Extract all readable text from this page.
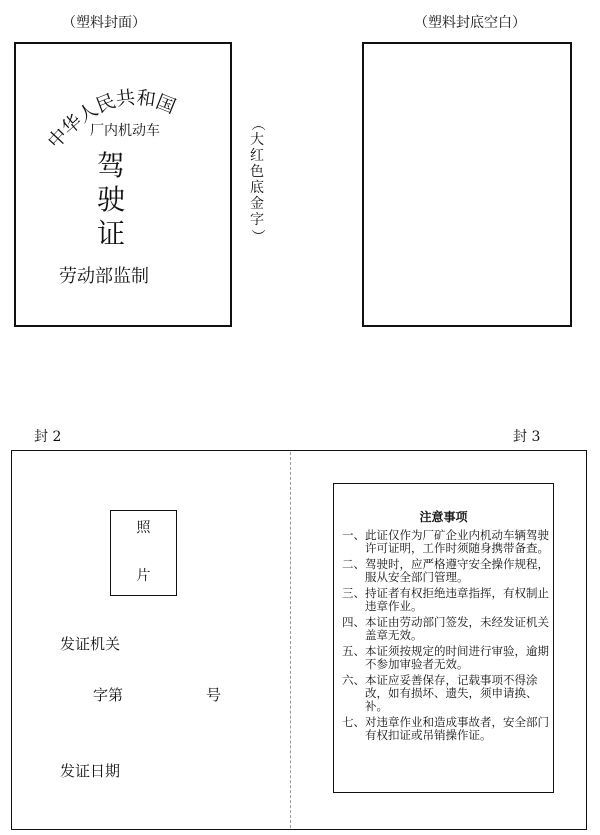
（塑料封面）	（塑料封底空白）
中华人民共和国
厂内机动车
驾
驶
证
劳动部监制
（
大
红
色
底
金
字
）
封 2	封 3
照
片
发证机关
字第	号
发证日期
注意事项
一、 此证仅作为厂矿企业内机动车辆驾驶许可证明，工作时须随身携带备查。
二、 驾驶时，应严格遵守安全操作规程，服从安全部门管理。
三、 持证者有权拒绝违章指挥，有权制止违章作业。
四、 本证由劳动部门签发，未经发证机关盖章无效。
五、 本证须按规定的时间进行审验，逾期不参加审验者无效。
六、 本证应妥善保存，记载事项不得涂改，如有损坏、遗失，须申请换、补。
七、 对违章作业和造成事故者，安全部门有权扣证或吊销操作证。
